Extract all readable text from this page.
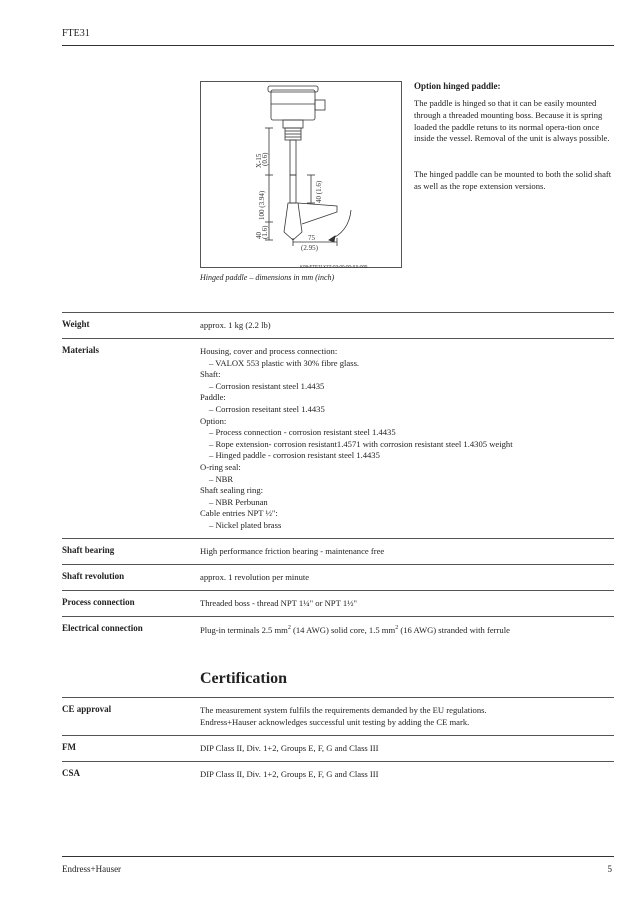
FTE31
X-15
(0.6)
100 (3.94)
40
(1.6)
40 (1.6)
75
(2.95)
K09-FTE31XZZ-03-00-00-XX-005
Hinged paddle – dimensions in mm (inch)
Option hinged paddle:

The paddle is hinged so that it can be easily mounted through a threaded mounting boss. Because it is spring loaded the paddle retuns to its normal opera-tion once inside the vessel. Removal of the unit is always possible.

The hinged paddle can be mounted to both the solid shaft as well as the rope extension versions.

Weight	approx. 1 kg (2.2 lb)
Materials	Housing, cover and process connection:
– VALOX 553 plastic with 30% fibre glass.
Shaft:
– Corrosion resistant steel 1.4435
Paddle:
– Corrosion reseitant steel 1.4435
Option:
– Process connection - corrosion resistant steel 1.4435
– Rope extension- corrosion resistant1.4571 with corrosion resistant steel 1.4305 weight
– Hinged paddle - corrosion resistant steel 1.4435
O-ring seal:
– NBR
Shaft sealing ring:
– NBR Perbunan
Cable entries NPT ½":
– Nickel plated brass
Shaft bearing	High performance friction bearing - maintenance free
Shaft revolution	approx. 1 revolution per minute
Process connection	Threaded boss - thread NPT 1¼" or NPT 1½"
Electrical connection	Plug-in terminals 2.5 $mm^2$ (14 AWG) solid core, 1.5 $mm^2$ (16 AWG) stranded with ferrule
Certification
CE approval	The measurement system fulfils the requirements demanded by the EU regulations.
Endress+Hauser acknowledges successful unit testing by adding the CE mark.
FM	DIP Class II, Div. 1+2, Groups E, F, G and Class III
CSA	DIP Class II, Div. 1+2, Groups E, F, G and Class III
Endress+Hauser	5
